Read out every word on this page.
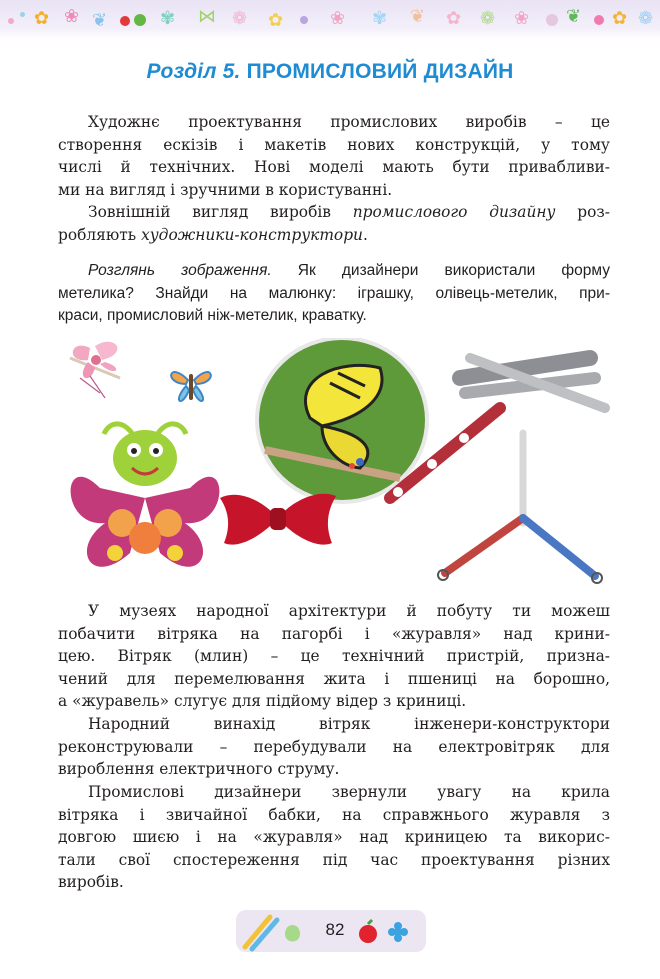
✿ ❀ ❦	✾ ⋈ ❁ ✿	❀ ✾ ❦ ✿ ❁ ❀ ❦ ✿ ❁
Розділ 5. ПРОМИСЛОВИЙ ДИЗАЙН
Художнє проектування промислових виробів – це
створення ескізів і макетів нових конструкцій, у тому
числі й технічних. Нові моделі мають бути привабливи-
ми на вигляд і зручними в користуванні.
Зовнішній вигляд виробів промислового дизайну роз-
робляють художники-конструктори.
Розглянь зображення. Як дизайнери використали форму
метелика? Знайди на малюнку: іграшку, олівець-метелик, при-
краси, промисловий ніж-метелик, краватку.
У музеях народної архітектури й побуту ти можеш
побачити вітряка на пагорбі і «журавля» над крини-
цею. Вітряк (млин) – це технічний пристрій, призна-
чений для перемелювання жита і пшениці на борошно,
а «журавель» слугує для підйому відер з криниці.
Народний винахід вітряк інженери-конструктори
реконструювали – перебудували на електровітряк для
вироблення електричного струму.
Промислові дизайнери звернули увагу на крила
вітряка і звичайної бабки, на справжнього журавля з
довгою шиєю і на «журавля» над криницею та викорис-
тали свої спостереження під час проектування різних
виробів.
82
